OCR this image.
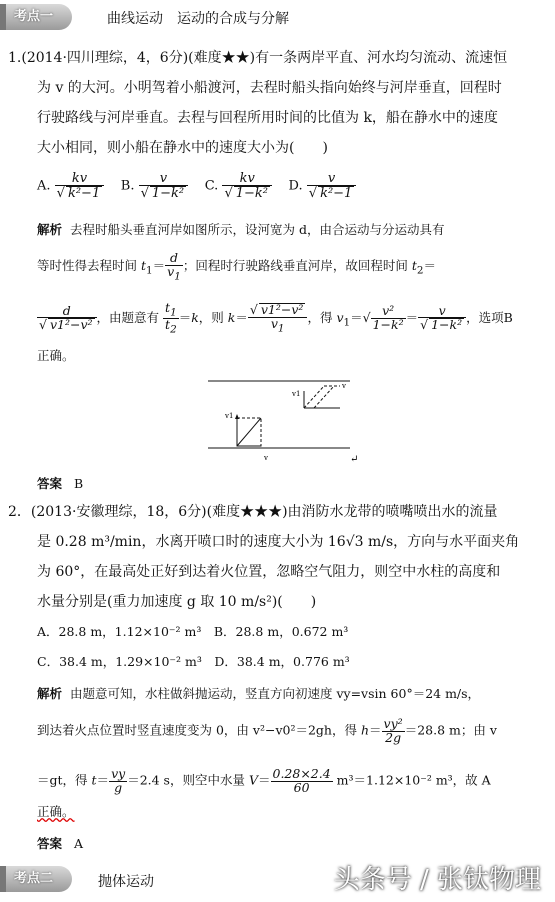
考点一	曲线运动　运动的合成与分解
1.(2014·四川理综，4，6分)(难度★★)有一条两岸平直、河水均匀流动、流速恒
为 v 的大河。小明驾着小船渡河，去程时船头指向始终与河岸垂直，回程时
行驶路线与河岸垂直。去程与回程所用时间的比值为 k，船在静水中的速度
大小相同，则小船在静水中的速度大小为(　　)
A. $\frac{kv}{\text{√ k²−1}} B$. $\frac{v}{\text{√ 1−k²}} C$. $\frac{kv}{\text{√ 1−k²}} D$. $\frac{v}{\text{√ k²−1}}$
解析 去程时船头垂直河岸如图所示，设河宽为 d，由合运动与分运动具有
等时性得去程时间 $t_1= \frac{d}{v_1}$ ；回程时行驶路线垂直河岸，故回程时间 $t_2=$
$\frac{d}{\text{√ v1²−v²}}$ ，由题意有 $\frac{t_1}{t_2} =k$，则 $k= \frac{\text{√ v1²−v²}}{v_1}$ ，得 $v_1=√ \frac{\text{v²}}{\text{1−k²}} = \frac{v}{\text{√ 1−k²}}$ ，选项B
正确。
v1
v
v1
v
↵
答案 B
2．(2013·安徽理综，18，6分)(难度★★★)由消防水龙带的喷嘴喷出水的流量
是 0.28 m³/min，水离开喷口时的速度大小为 16√3 m/s，方向与水平面夹角
为 60°，在最高处正好到达着火位置，忽略空气阻力，则空中水柱的高度和
水量分别是(重力加速度 g 取 10 m/s²)(　　)
A．28.8 m，1.12×10⁻² m³　B．28.8 m，0.672 m³
C．38.4 m，1.29×10⁻² m³　D．38.4 m，0.776 m³
解析 由题意可知，水柱做斜抛运动，竖直方向初速度 vy=vsin 60°＝24 m/s，
到达着火点位置时竖直速度变为 0，由 v²−v0²＝2gh，得 $h= \frac{\text{vy²}}{2g} =28.8$ m；由 v
＝gt，得 $t= \frac{vy}{g} =2.4$ s，则空中水量 $V= \frac{0.28\times 2.4}{60} m^3=1.12\times 10^{-2}$ m³，故 A
正确。
答案 A
考点二	抛体运动	头条号 / 张钛物理
